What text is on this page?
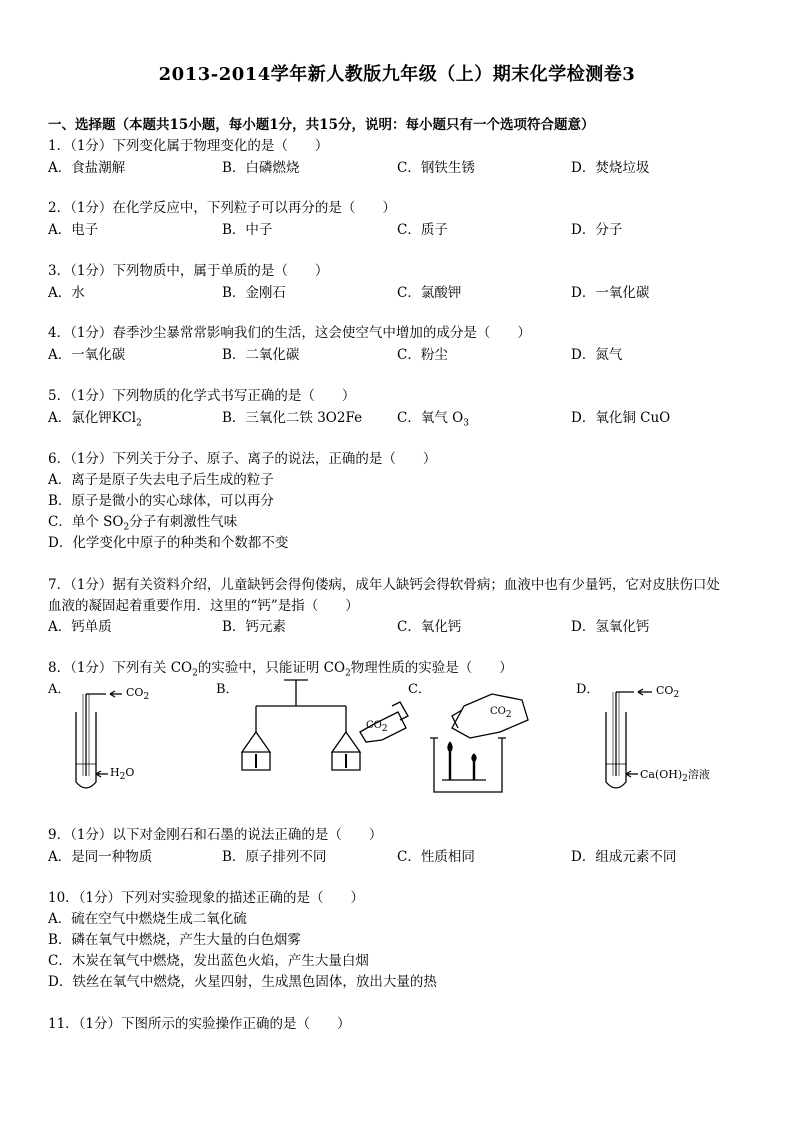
2013-2014学年新人教版九年级（上）期末化学检测卷3
一、选择题（本题共15小题，每小题1分，共15分，说明：每小题只有一个选项符合题意）
1．（1分）下列变化属于物理变化的是（　　）
A．食盐潮解	B．白磷燃烧	C．钢铁生锈	D．焚烧垃圾
2．（1分）在化学反应中，下列粒子可以再分的是（　　）
A．电子	B．中子	C．质子	D．分子
3．（1分）下列物质中，属于单质的是（　　）
A．水	B．金刚石	C．氯酸钾	D．一氧化碳
4．（1分）春季沙尘暴常常影响我们的生活，这会使空气中增加的成分是（　　）
A．一氧化碳	B．二氧化碳	C．粉尘	D．氮气
5．（1分）下列物质的化学式书写正确的是（　　）
A．氯化钾KCl$_2$	B．三氧化二铁 3O2Fe	C．氧气 $O_3$	D．氧化铜 CuO
6．（1分）下列关于分子、原子、离子的说法，正确的是（　　）
A．离子是原子失去电子后生成的粒子
B．原子是微小的实心球体，可以再分
C．单个 $SO_2$分子有刺激性气味
D．化学变化中原子的种类和个数都不变
7．（1分）据有关资料介绍，儿童缺钙会得佝偻病，成年人缺钙会得软骨病；血液中也有少量钙，它对皮肤伤口处
血液的凝固起着重要作用．这里的“钙”是指（　　）
A．钙单质	B．钙元素	C．氧化钙	D．氢氧化钙
8．（1分）下列有关 $CO_2$的实验中，只能证明 $CO_2$物理性质的实验是（　　）
A．	B．	C．	D．
$CO_2$
$H_2O$
$CO_2$
$CO_2$
$CO_2$
$Ca(OH)_2$溶液
9．（1分）以下对金刚石和石墨的说法正确的是（　　）
A．是同一种物质	B．原子排列不同	C．性质相同	D．组成元素不同
10．（1分）下列对实验现象的描述正确的是（　　）
A．硫在空气中燃烧生成二氧化硫
B．磷在氧气中燃烧，产生大量的白色烟雾
C．木炭在氧气中燃烧，发出蓝色火焰，产生大量白烟
D．铁丝在氧气中燃烧，火星四射，生成黑色固体，放出大量的热
11．（1分）下图所示的实验操作正确的是（　　）
